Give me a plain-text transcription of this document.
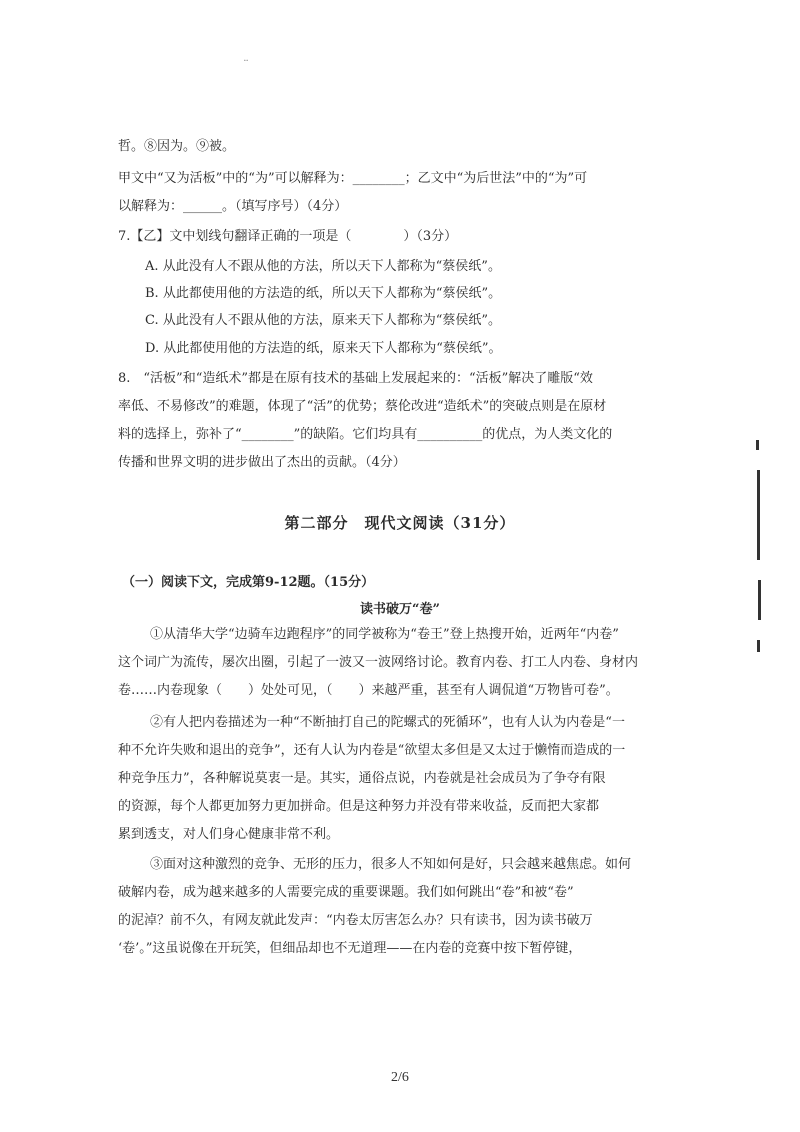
¨
哲。⑧因为。⑨被。
甲文中“又为活板”中的“为”可以解释为：________；乙文中“为后世法”中的“为”可
以解释为：______。（填写序号）（4分）
7.【乙】文中划线句翻译正确的一项是（　　　　）（3分）
A. 从此没有人不跟从他的方法，所以天下人都称为“蔡侯纸”。
B. 从此都使用他的方法造的纸，所以天下人都称为“蔡侯纸”。
C. 从此没有人不跟从他的方法，原来天下人都称为“蔡侯纸”。
D. 从此都使用他的方法造的纸，原来天下人都称为“蔡侯纸”。
8.　“活板”和“造纸术”都是在原有技术的基础上发展起来的：“活板”解决了雕版“效
率低、不易修改”的难题，体现了“活”的优势；蔡伦改进“造纸术”的突破点则是在原材
料的选择上，弥补了“________”的缺陷。它们均具有__________的优点，为人类文化的
传播和世界文明的进步做出了杰出的贡献。（4分）
第二部分　现代文阅读（31分）
（一）阅读下文，完成第9-12题。（15分）
读书破万“卷”
①从清华大学“边骑车边跑程序”的同学被称为“卷王”登上热搜开始，近两年“内卷”
这个词广为流传，屡次出圈，引起了一波又一波网络讨论。教育内卷、打工人内卷、身材内
卷……内卷现象（　　）处处可见，（　　）来越严重，甚至有人调侃道“万物皆可卷”。
②有人把内卷描述为一种“不断抽打自己的陀螺式的死循环”，也有人认为内卷是“一
种不允许失败和退出的竞争”，还有人认为内卷是“欲望太多但是又太过于懒惰而造成的一
种竞争压力”，各种解说莫衷一是。其实，通俗点说，内卷就是社会成员为了争夺有限
的资源，每个人都更加努力更加拼命。但是这种努力并没有带来收益，反而把大家都
累到透支，对人们身心健康非常不利。
③面对这种激烈的竞争、无形的压力，很多人不知如何是好，只会越来越焦虑。如何
破解内卷，成为越来越多的人需要完成的重要课题。我们如何跳出“卷”和被“卷”
的泥淖？前不久，有网友就此发声：“内卷太厉害怎么办？只有读书，因为读书破万
‘卷’。”这虽说像在开玩笑，但细品却也不无道理——在内卷的竞赛中按下暂停键，
2/6
